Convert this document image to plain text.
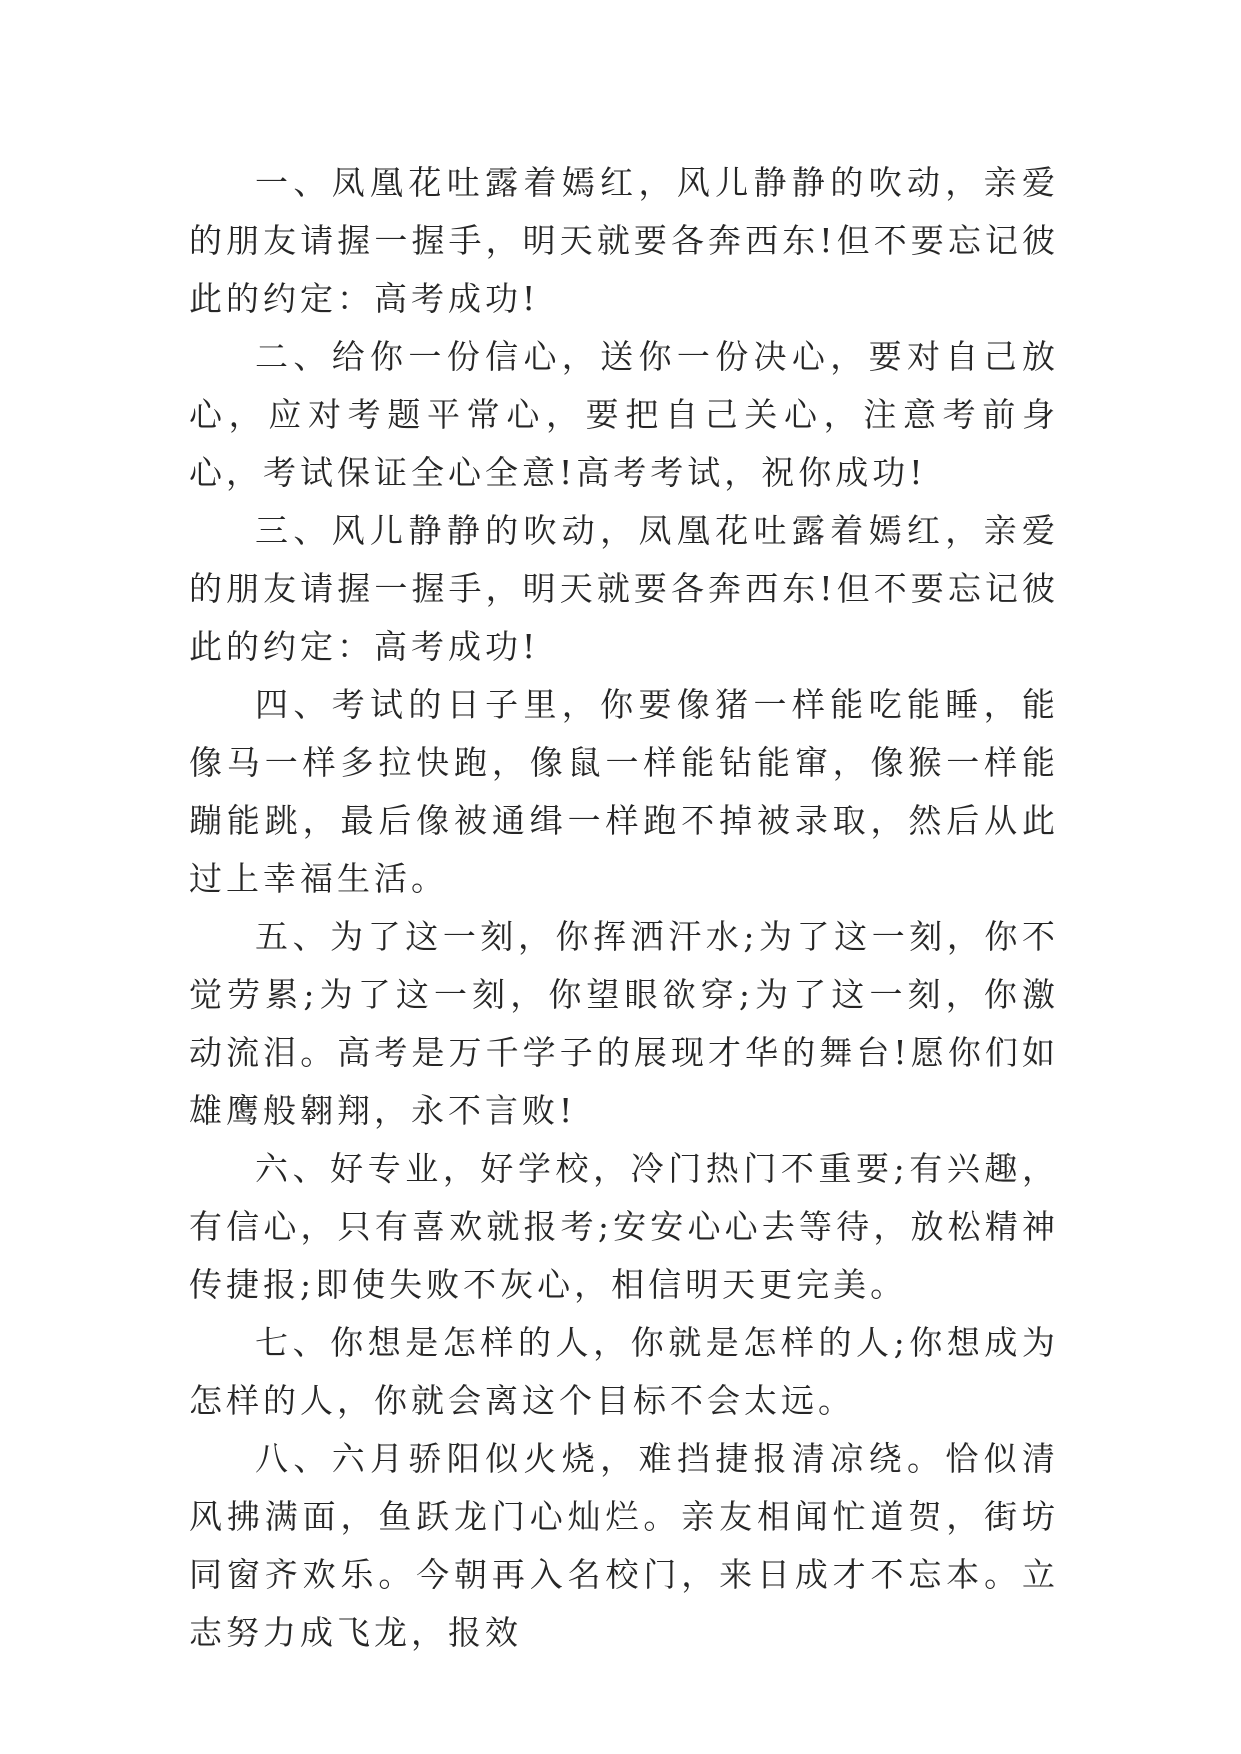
一、凤凰花吐露着嫣红，风儿静静的吹动，亲爱的朋友请握一握手，明天就要各奔西东!但不要忘记彼此的约定：高考成功!

二、给你一份信心，送你一份决心，要对自己放心，应对考题平常心，要把自己关心，注意考前身心，考试保证全心全意!高考考试，祝你成功!

三、风儿静静的吹动，凤凰花吐露着嫣红，亲爱的朋友请握一握手，明天就要各奔西东!但不要忘记彼此的约定：高考成功!

四、考试的日子里，你要像猪一样能吃能睡，能像马一样多拉快跑，像鼠一样能钻能窜，像猴一样能蹦能跳，最后像被通缉一样跑不掉被录取，然后从此过上幸福生活。

五、为了这一刻，你挥洒汗水;为了这一刻，你不觉劳累;为了这一刻，你望眼欲穿;为了这一刻，你激动流泪。高考是万千学子的展现才华的舞台!愿你们如雄鹰般翱翔，永不言败!

六、好专业，好学校，冷门热门不重要;有兴趣，有信心，只有喜欢就报考;安安心心去等待，放松精神传捷报;即使失败不灰心，相信明天更完美。

七、你想是怎样的人，你就是怎样的人;你想成为怎样的人，你就会离这个目标不会太远。

八、六月骄阳似火烧，难挡捷报清凉绕。恰似清风拂满面，鱼跃龙门心灿烂。亲友相闻忙道贺，街坊同窗齐欢乐。今朝再入名校门，来日成才不忘本。立志努力成飞龙，报效
